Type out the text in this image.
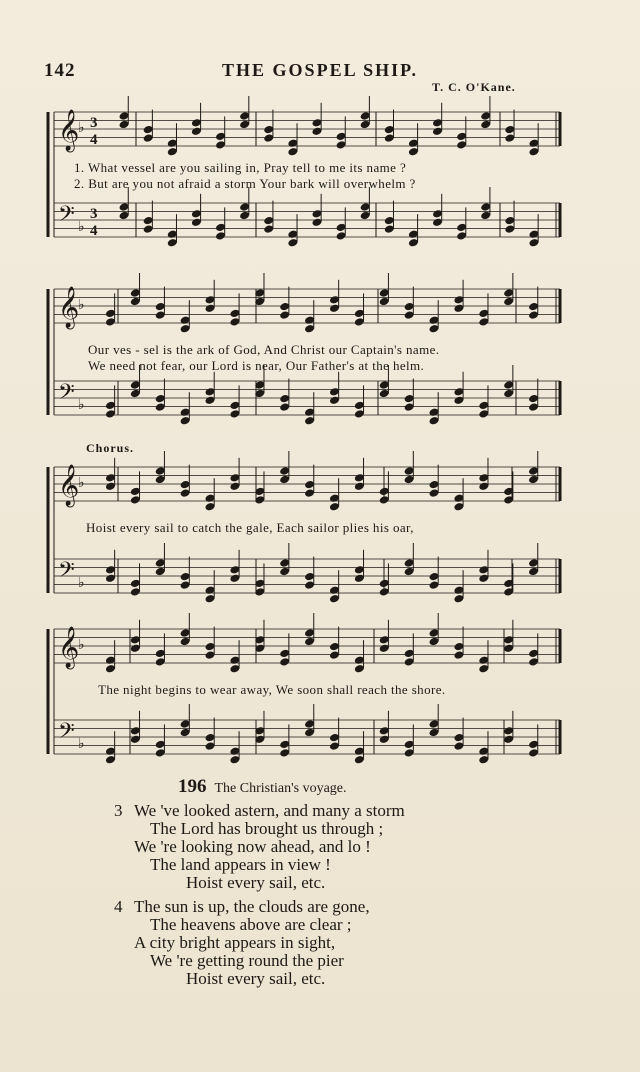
142	THE GOSPEL SHIP.
T. C. O'Kane.
𝄞
♭ 3
4
𝄢 ♭
3
4
𝄞
♭
𝄢 ♭
𝄞
♭
𝄢 ♭
𝄞
♭
𝄢 ♭
1. What vessel are you sailing in, Pray tell to me its name ?
2. But are you not afraid a storm Your bark will overwhelm ?
Our ves - sel is the ark of God, And Christ our Captain's name.
We need not fear, our Lord is near, Our Father's at the helm.
Chorus.
Hoist every sail to catch the gale, Each sailor plies his oar,
The night begins to wear away, We soon shall reach the shore.
196 The Christian's voyage.
3 We 've looked astern, and many a storm
The Lord has brought us through ;
We 're looking now ahead, and lo !
The land appears in view !
Hoist every sail, etc.
4 The sun is up, the clouds are gone,
The heavens above are clear ;
A city bright appears in sight,
We 're getting round the pier
Hoist every sail, etc.
